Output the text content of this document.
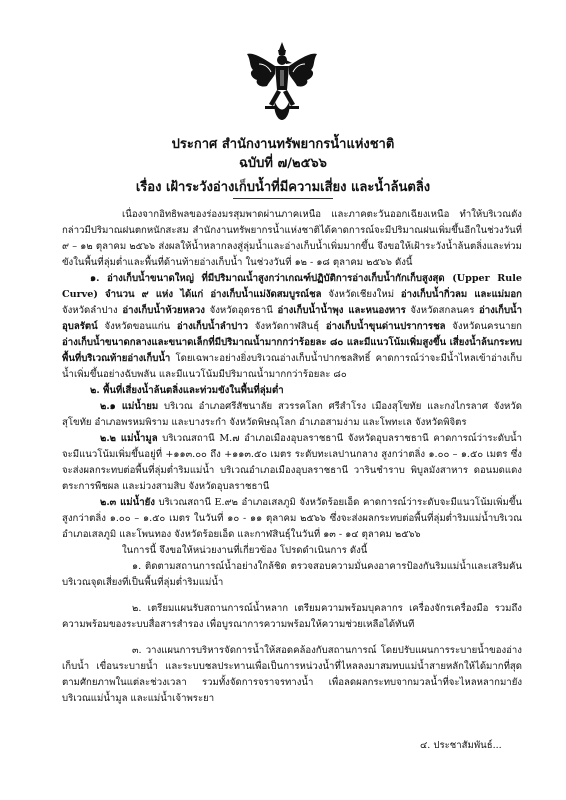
ประกาศ สำนักงานทรัพยากรน้ำแห่งชาติ
ฉบับที่ ๗/๒๕๖๖
เรื่อง เฝ้าระวังอ่างเก็บน้ำที่มีความเสี่ยง และน้ำล้นตลิ่ง

เนื่องจากอิทธิพลของร่องมรสุมพาดผ่านภาคเหนือ และภาคตะวันออกเฉียงเหนือ ทำให้บริเวณดังกล่าวมีปริมาณฝนตกหนักสะสม สำนักงานทรัพยากรน้ำแห่งชาติได้คาดการณ์จะมีปริมาณฝนเพิ่มขึ้นอีกในช่วงวันที่ ๙ – ๑๒ ตุลาคม ๒๕๖๖ ส่งผลให้น้ำหลากลงสู่ลุ่มน้ำและอ่างเก็บน้ำเพิ่มมากขึ้น จึงขอให้เฝ้าระวังน้ำล้นตลิ่งและท่วมขังในพื้นที่ลุ่มต่ำและพื้นที่ด้านท้ายอ่างเก็บน้ำ ในช่วงวันที่ ๑๒ - ๑๘ ตุลาคม ๒๕๖๖ ดังนี้

๑. อ่างเก็บน้ำขนาดใหญ่ ที่มีปริมาณน้ำสูงกว่าเกณฑ์ปฏิบัติการอ่างเก็บน้ำกักเก็บสูงสุด (Upper Rule Curve) จำนวน ๙ แห่ง ได้แก่ อ่างเก็บน้ำแม่งัดสมบูรณ์ชล จังหวัดเชียงใหม่ อ่างเก็บน้ำกิ่วลม และแม่มอก จังหวัดลำปาง อ่างเก็บน้ำห้วยหลวง จังหวัดอุดรธานี อ่างเก็บน้ำน้ำพุง และหนองหาร จังหวัดสกลนคร อ่างเก็บน้ำอุบลรัตน์ จังหวัดขอนแก่น อ่างเก็บน้ำลำปาว จังหวัดกาฬสินธุ์ อ่างเก็บน้ำขุนด่านปราการชล จังหวัดนครนายก อ่างเก็บน้ำขนาดกลางและขนาดเล็กที่มีปริมาณน้ำมากกว่าร้อยละ ๘๐ และมีแนวโน้มเพิ่มสูงขึ้น เสี่ยงน้ำล้นกระทบพื้นที่บริเวณท้ายอ่างเก็บน้ำ โดยเฉพาะอย่างยิ่งบริเวณอ่างเก็บน้ำปากชลสิทธิ์ คาดการณ์ว่าจะมีน้ำไหลเข้าอ่างเก็บน้ำเพิ่มขึ้นอย่างฉับพลัน และมีแนวโน้มมีปริมาณน้ำมากกว่าร้อยละ ๘๐

๒. พื้นที่เสี่ยงน้ำล้นตลิ่งและท่วมขังในพื้นที่ลุ่มต่ำ

๒.๑ แม่น้ำยม บริเวณ อำเภอศรีสัชนาลัย สวรรคโลก ศรีสำโรง เมืองสุโขทัย และกงไกรลาศ จังหวัดสุโขทัย อำเภอพรหมพิราม และบางระกำ จังหวัดพิษณุโลก อำเภอสามง่าม และโพทะเล จังหวัดพิจิตร

๒.๒ แม่น้ำมูล บริเวณสถานี M.๗ อำเภอเมืองอุบลราชธานี จังหวัดอุบลราชธานี คาดการณ์ว่าระดับน้ำจะมีแนวโน้มเพิ่มขึ้นอยู่ที่ +๑๑๓.๐๐ ถึง +๑๑๓.๕๐ เมตร ระดับทะเลปานกลาง สูงกว่าตลิ่ง ๑.๐๐ – ๑.๕๐ เมตร ซึ่งจะส่งผลกระทบต่อพื้นที่ลุ่มต่ำริมแม่น้ำ บริเวณอำเภอเมืองอุบลราชธานี วารินชำราบ พิบูลมังสาหาร ดอนมดแดง ตระการพืชผล และม่วงสามสิบ จังหวัดอุบลราชธานี

๒.๓ แม่น้ำยัง บริเวณสถานี E.๙๒ อำเภอเสลภูมิ จังหวัดร้อยเอ็ด คาดการณ์ว่าระดับจะมีแนวโน้มเพิ่มขึ้น สูงกว่าตลิ่ง ๑.๐๐ – ๑.๕๐ เมตร ในวันที่ ๑๐ - ๑๑ ตุลาคม ๒๕๖๖ ซึ่งจะส่งผลกระทบต่อพื้นที่ลุ่มต่ำริมแม่น้ำบริเวณ อำเภอเสลภูมิ และโพนทอง จังหวัดร้อยเอ็ด และกาฬสินธุ์ในวันที่ ๑๓ - ๑๔ ตุลาคม ๒๕๖๖

ในการนี้ จึงขอให้หน่วยงานที่เกี่ยวข้อง โปรดดำเนินการ ดังนี้

๑. ติดตามสถานการณ์น้ำอย่างใกล้ชิด ตรวจสอบความมั่นคงอาคารป้องกันริมแม่น้ำและเสริมคันบริเวณจุดเสี่ยงที่เป็นพื้นที่ลุ่มต่ำริมแม่น้ำ

๒. เตรียมแผนรับสถานการณ์น้ำหลาก เตรียมความพร้อมบุคลากร เครื่องจักรเครื่องมือ รวมถึงความพร้อมของระบบสื่อสารสำรอง เพื่อบูรณาการความพร้อมให้ความช่วยเหลือได้ทันที

๓. วางแผนการบริหารจัดการน้ำให้สอดคล้องกับสถานการณ์ โดยปรับแผนการระบายน้ำของอ่างเก็บน้ำ เขื่อนระบายน้ำ และระบบชลประทานเพื่อเป็นการหน่วงน้ำที่ไหลลงมาสมทบแม่น้ำสายหลักให้ได้มากที่สุดตามศักยภาพในแต่ละช่วงเวลา รวมทั้งจัดการจราจรทางน้ำ เพื่อลดผลกระทบจากมวลน้ำที่จะไหลหลากมายังบริเวณแม่น้ำมูล และแม่น้ำเจ้าพระยา

๔. ประชาสัมพันธ์...
